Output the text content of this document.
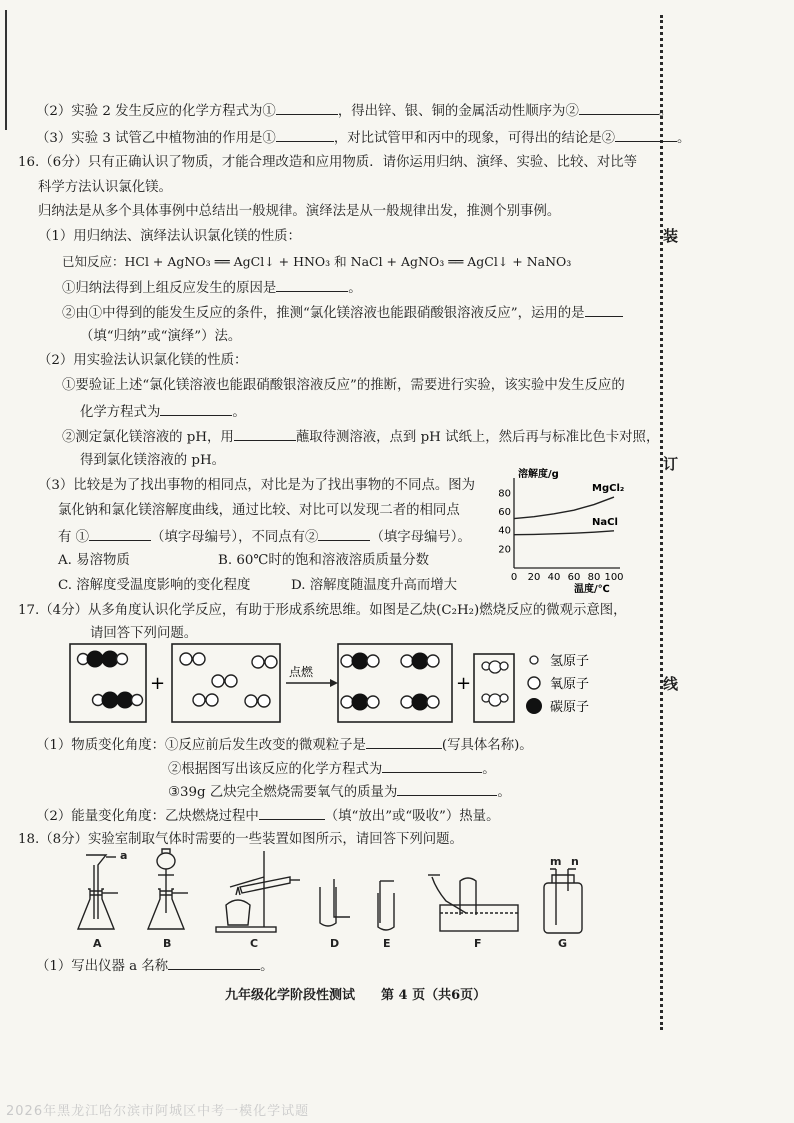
装
订
线
（2）实验 2 发生反应的化学方程式为①	，得出锌、银、铜的金属活动性顺序为②	。
（3）实验 3 试管乙中植物油的作用是①	，对比试管甲和丙中的现象，可得出的结论是②	。
16.（6分）只有正确认识了物质，才能合理改造和应用物质．请你运用归纳、演绎、实验、比较、对比等
科学方法认识氯化镁。
归纳法是从多个具体事例中总结出一般规律。演绎法是从一般规律出发，推测个别事例。
（1）用归纳法、演绎法认识氯化镁的性质：
已知反应：HCl + AgNO₃ ══ AgCl↓ + HNO₃ 和 NaCl + AgNO₃ ══ AgCl↓ + NaNO₃
①归纳法得到上组反应发生的原因是	。
②由①中得到的能发生反应的条件，推测“氯化镁溶液也能跟硝酸银溶液反应”，运用的是
（填“归纳”或“演绎”）法。
（2）用实验法认识氯化镁的性质：
①要验证上述“氯化镁溶液也能跟硝酸银溶液反应”的推断，需要进行实验，该实验中发生反应的
化学方程式为	。
②测定氯化镁溶液的 pH，用	蘸取待测溶液，点到 pH 试纸上，然后再与标准比色卡对照，
得到氯化镁溶液的 pH。
（3）比较是为了找出事物的相同点，对比是为了找出事物的不同点。图为
氯化钠和氯化镁溶解度曲线，通过比较、对比可以发现二者的相同点
有 ①	（填字母编号），不同点有②	（填字母编号）。
A. 易溶物质	B. 60℃时的饱和溶液溶质质量分数
C. 溶解度受温度影响的变化程度	D. 溶解度随温度升高而增大
溶解度/g
温度/℃
20
40
60
80
0 20 40 60 80 100
MgCl₂
NaCl
17.（4分）从多角度认识化学反应，有助于形成系统思维。如图是乙炔(C₂H₂)燃烧反应的微观示意图，
请回答下列问题。
+
点燃
+
氢原子
氧原子
碳原子
（1）物质变化角度：①反应前后发生改变的微观粒子是	(写具体名称)。
②根据图写出该反应的化学方程式为	。
③39g 乙炔完全燃烧需要氧气的质量为	。
（2）能量变化角度：乙炔燃烧过程中	（填“放出”或“吸收”）热量。
18.（8分）实验室制取气体时需要的一些装置如图所示，请回答下列问题。
A	B	C	D	E	F	G
a	m n
（1）写出仪器 a 名称	。
九年级化学阶段性测试　　第 4 页（共6页）
2026年黑龙江哈尔滨市阿城区中考一模化学试题
